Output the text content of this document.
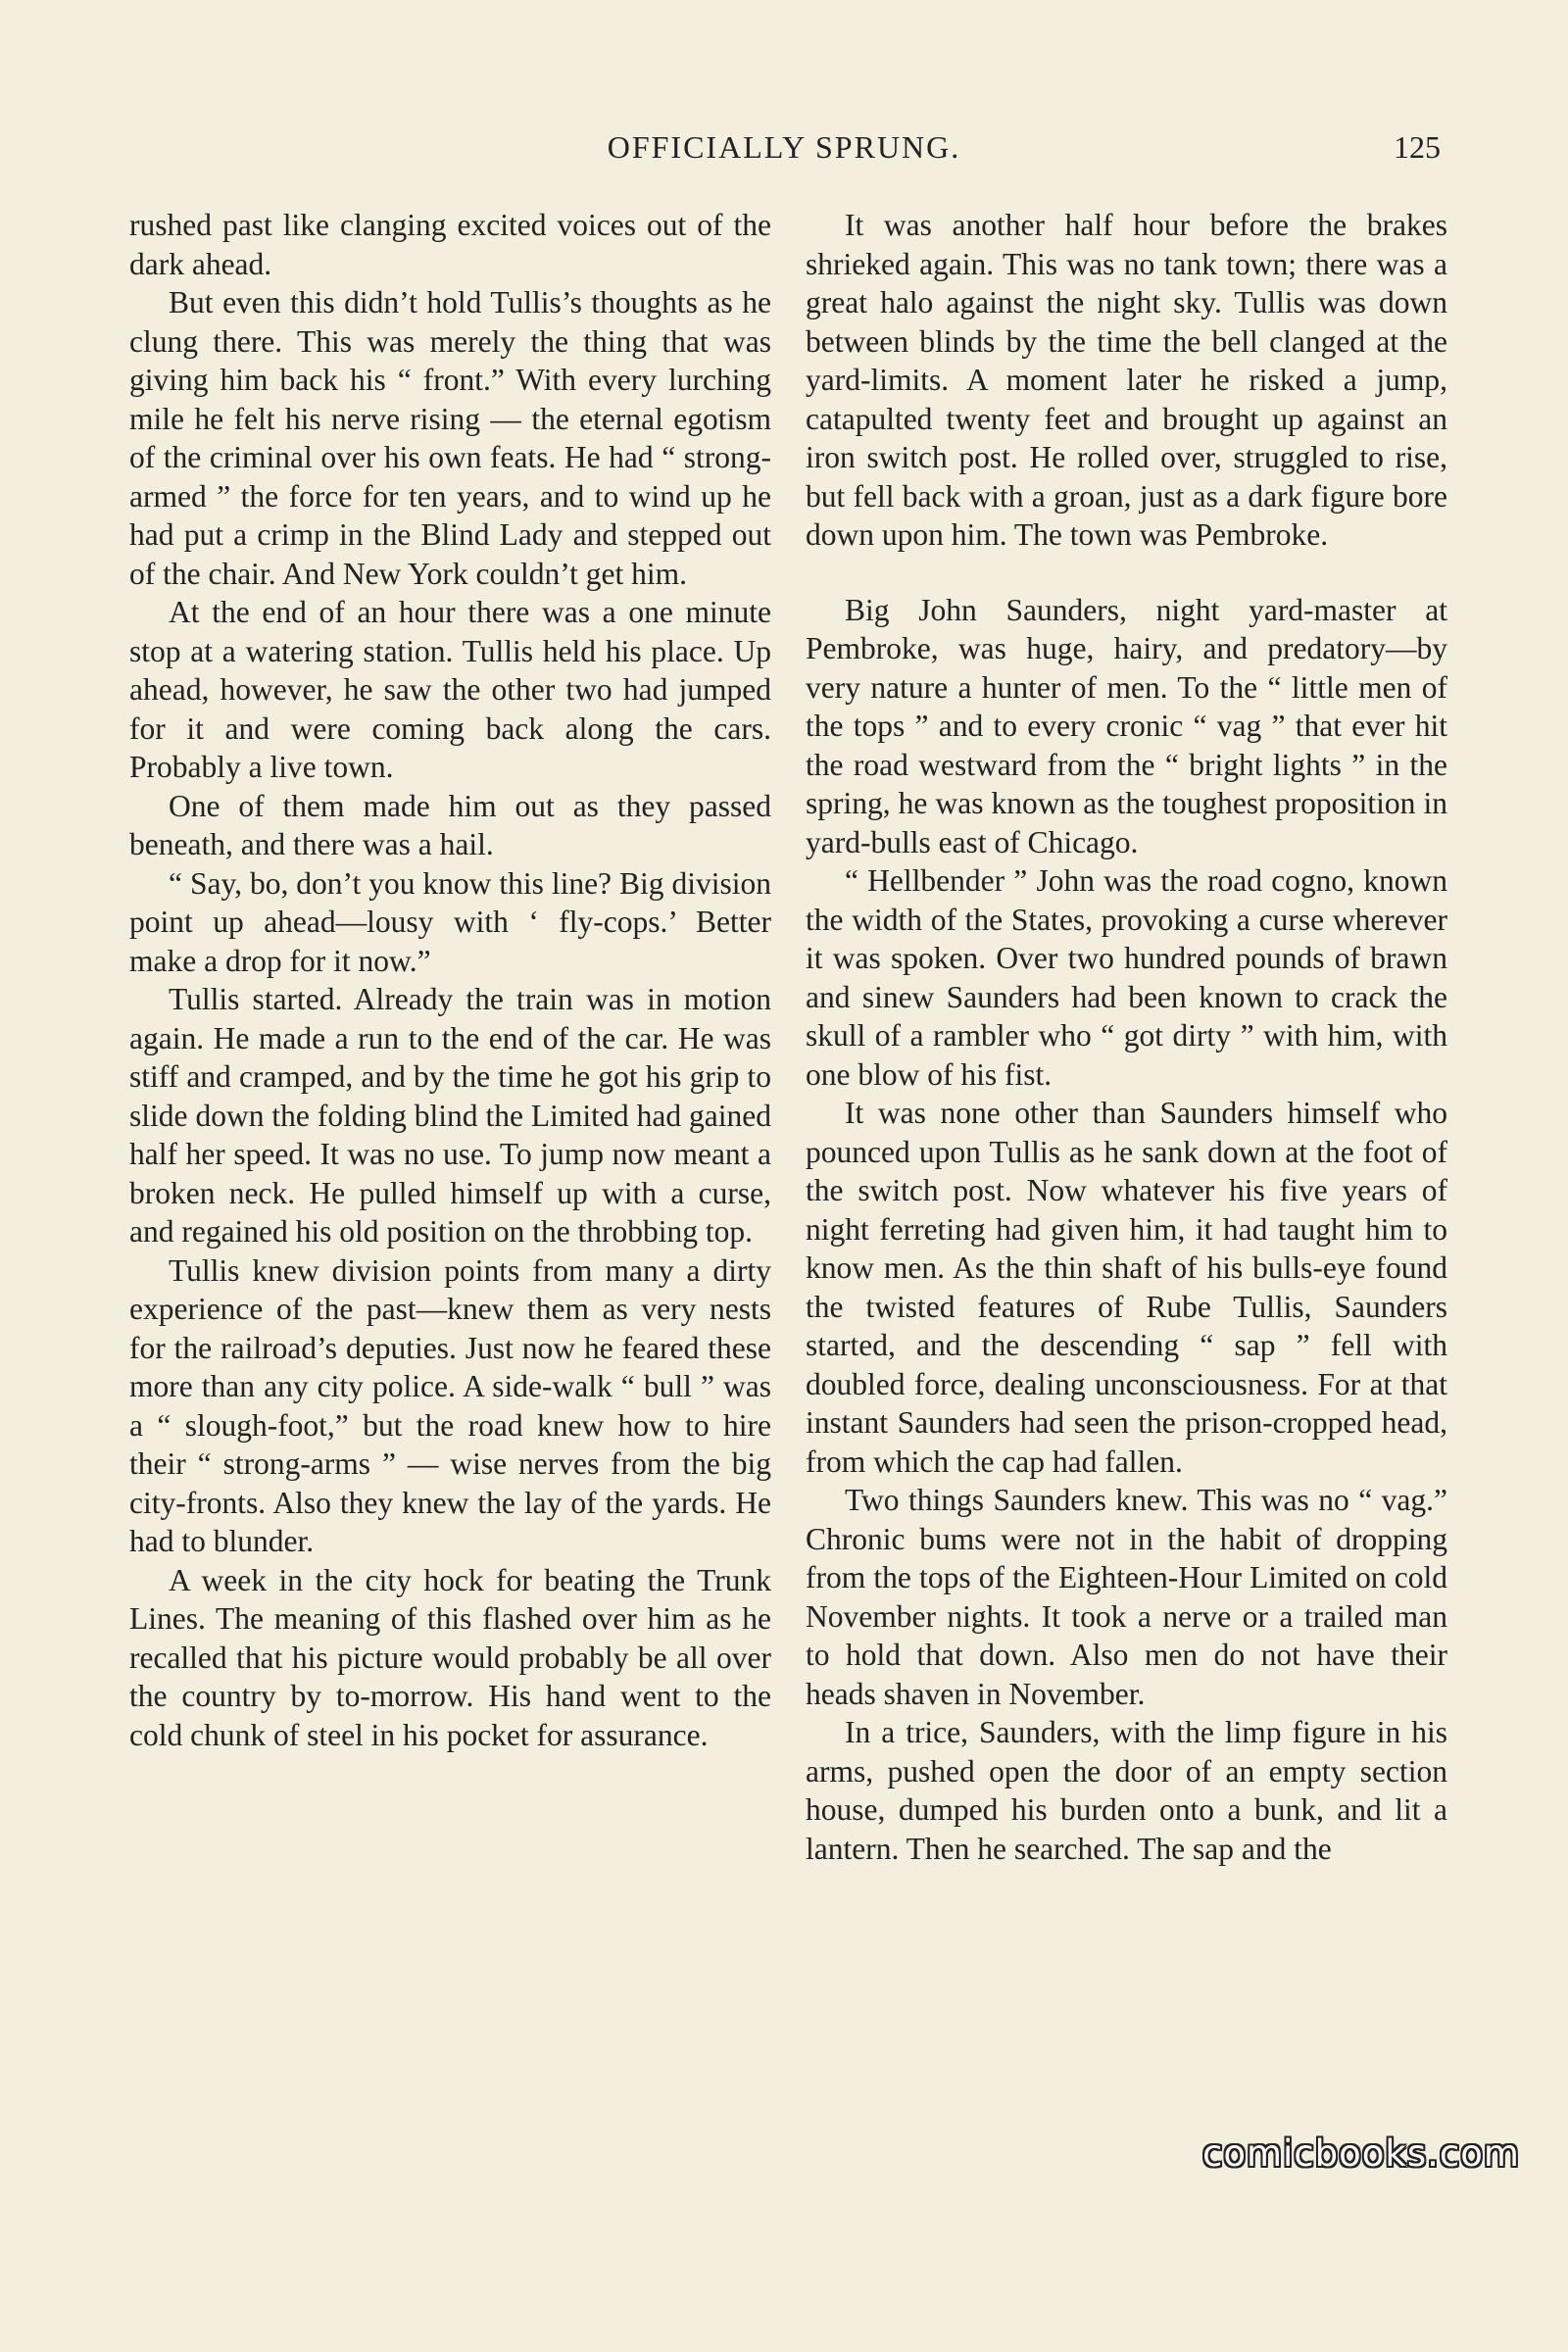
OFFICIALLY SPRUNG.	125

rushed past like clanging excited voices out of the dark ahead.

But even this didn’t hold Tullis’s thoughts as he clung there. This was merely the thing that was giving him back his “ front.” With every lurching mile he felt his nerve rising — the eternal egotism of the criminal over his own feats. He had “ strong-armed ” the force for ten years, and to wind up he had put a crimp in the Blind Lady and stepped out of the chair. And New York couldn’t get him.

At the end of an hour there was a one minute stop at a watering station. Tullis held his place. Up ahead, however, he saw the other two had jumped for it and were coming back along the cars. Probably a live town.

One of them made him out as they passed beneath, and there was a hail.

“ Say, bo, don’t you know this line? Big division point up ahead—lousy with ‘ fly-cops.’ Better make a drop for it now.”

Tullis started. Already the train was in motion again. He made a run to the end of the car. He was stiff and cramped, and by the time he got his grip to slide down the folding blind the Limited had gained half her speed. It was no use. To jump now meant a broken neck. He pulled himself up with a curse, and regained his old position on the throbbing top.

Tullis knew division points from many a dirty experience of the past—knew them as very nests for the railroad’s deputies. Just now he feared these more than any city police. A side-walk “ bull ” was a “ slough-foot,” but the road knew how to hire their “ strong-arms ” — wise nerves from the big city-fronts. Also they knew the lay of the yards. He had to blunder.

A week in the city hock for beating the Trunk Lines. The meaning of this flashed over him as he recalled that his picture would probably be all over the country by to-morrow. His hand went to the cold chunk of steel in his pocket for assurance.

It was another half hour before the brakes shrieked again. This was no tank town; there was a great halo against the night sky. Tullis was down between blinds by the time the bell clanged at the yard-limits. A moment later he risked a jump, catapulted twenty feet and brought up against an iron switch post. He rolled over, struggled to rise, but fell back with a groan, just as a dark figure bore down upon him. The town was Pembroke.

Big John Saunders, night yard-master at Pembroke, was huge, hairy, and predatory—by very nature a hunter of men. To the “ little men of the tops ” and to every cronic “ vag ” that ever hit the road westward from the “ bright lights ” in the spring, he was known as the toughest proposition in yard-bulls east of Chicago.

“ Hellbender ” John was the road cogno, known the width of the States, provoking a curse wherever it was spoken. Over two hundred pounds of brawn and sinew Saunders had been known to crack the skull of a rambler who “ got dirty ” with him, with one blow of his fist.

It was none other than Saunders himself who pounced upon Tullis as he sank down at the foot of the switch post. Now whatever his five years of night ferreting had given him, it had taught him to know men. As the thin shaft of his bulls-eye found the twisted features of Rube Tullis, Saunders started, and the descending “ sap ” fell with doubled force, dealing unconsciousness. For at that instant Saunders had seen the prison-cropped head, from which the cap had fallen.

Two things Saunders knew. This was no “ vag.” Chronic bums were not in the habit of dropping from the tops of the Eighteen-Hour Limited on cold November nights. It took a nerve or a trailed man to hold that down. Also men do not have their heads shaven in November.

In a trice, Saunders, with the limp figure in his arms, pushed open the door of an empty section house, dumped his burden onto a bunk, and lit a lantern. Then he searched. The sap and the

comicbooks.com
